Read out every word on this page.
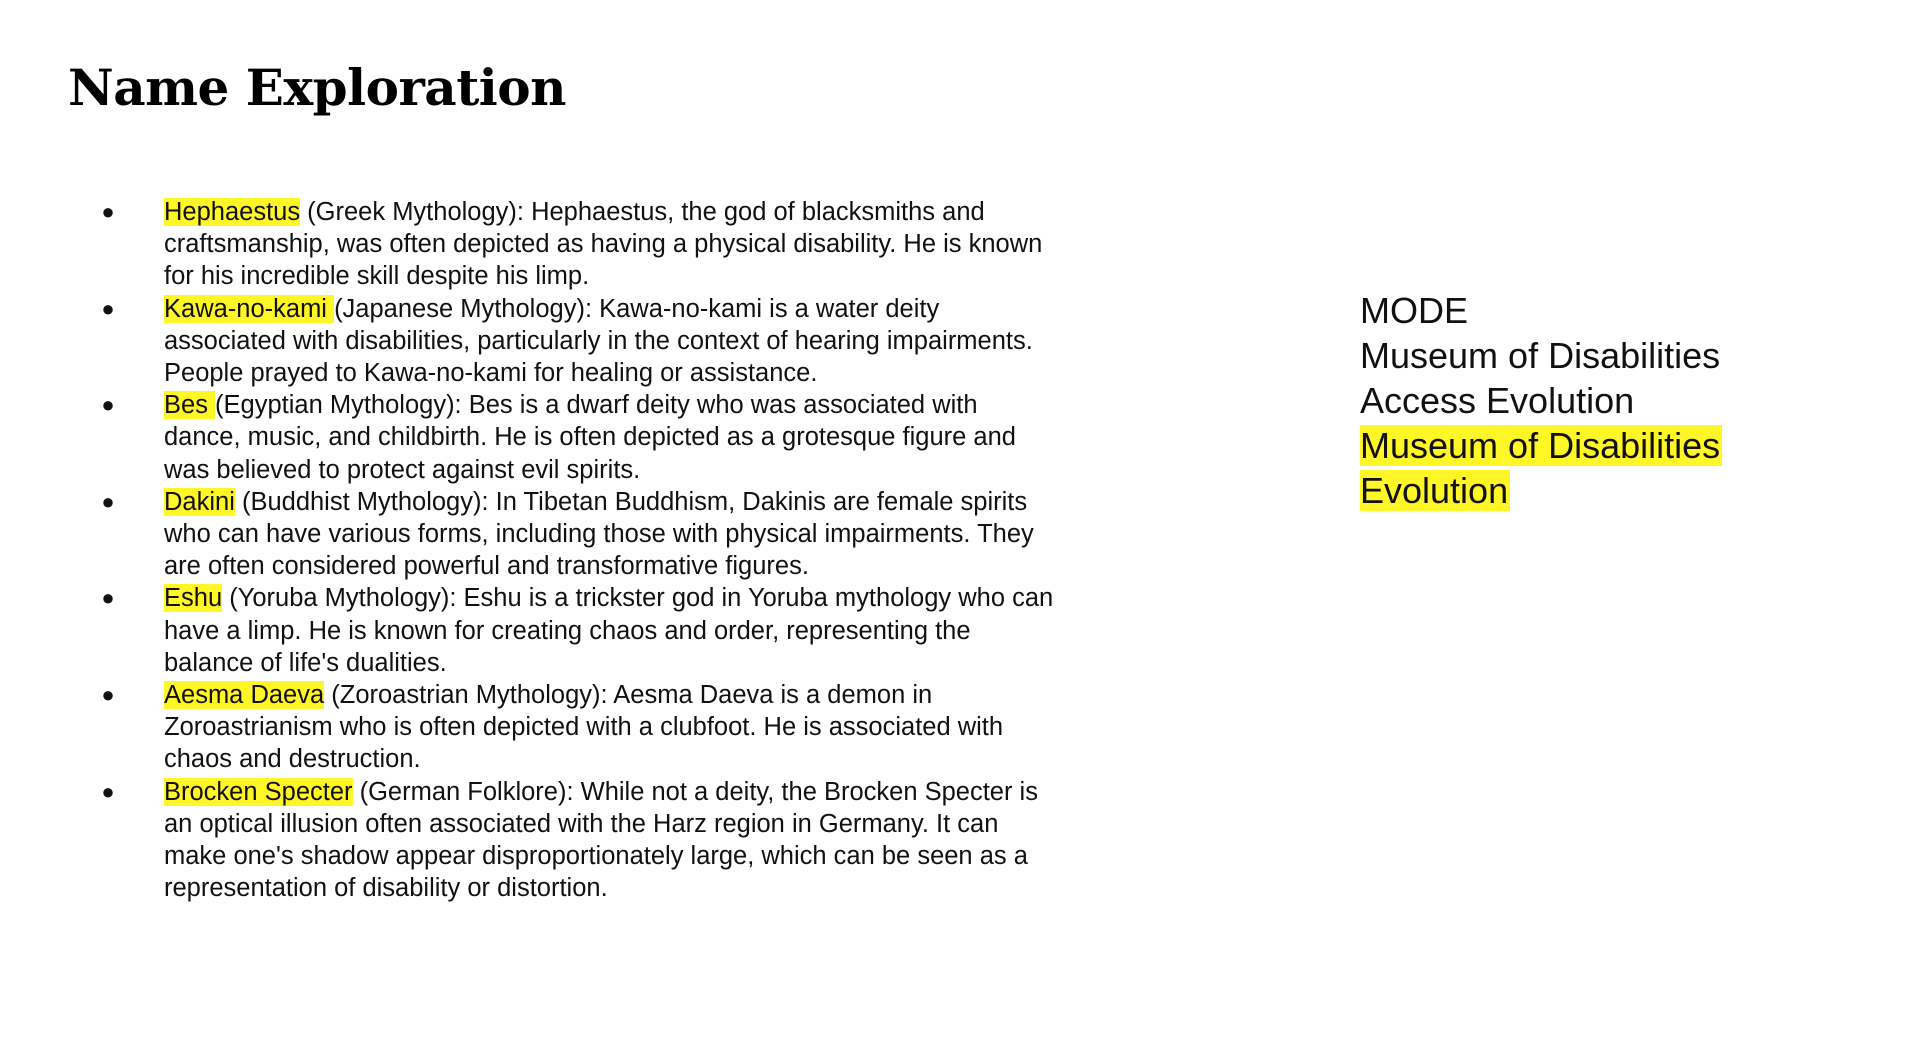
Name Exploration
● Hephaestus (Greek Mythology): Hephaestus, the god of blacksmiths and craftsmanship, was often depicted as having a physical disability. He is known for his incredible skill despite his limp.
● Kawa-no-kami (Japanese Mythology): Kawa-no-kami is a water deity associated with disabilities, particularly in the context of hearing impairments. People prayed to Kawa-no-kami for healing or assistance.
● Bes (Egyptian Mythology): Bes is a dwarf deity who was associated with dance, music, and childbirth. He is often depicted as a grotesque figure and was believed to protect against evil spirits.
● Dakini (Buddhist Mythology): In Tibetan Buddhism, Dakinis are female spirits who can have various forms, including those with physical impairments. They are often considered powerful and transformative figures.
● Eshu (Yoruba Mythology): Eshu is a trickster god in Yoruba mythology who can have a limp. He is known for creating chaos and order, representing the balance of life's dualities.
● Aesma Daeva (Zoroastrian Mythology): Aesma Daeva is a demon in Zoroastrianism who is often depicted with a clubfoot. He is associated with chaos and destruction.
● Brocken Specter (German Folklore): While not a deity, the Brocken Specter is an optical illusion often associated with the Harz region in Germany. It can make one's shadow appear disproportionately large, which can be seen as a representation of disability or distortion.
MODE
Museum of Disabilities
Access Evolution
Museum of Disabilities
Evolution
